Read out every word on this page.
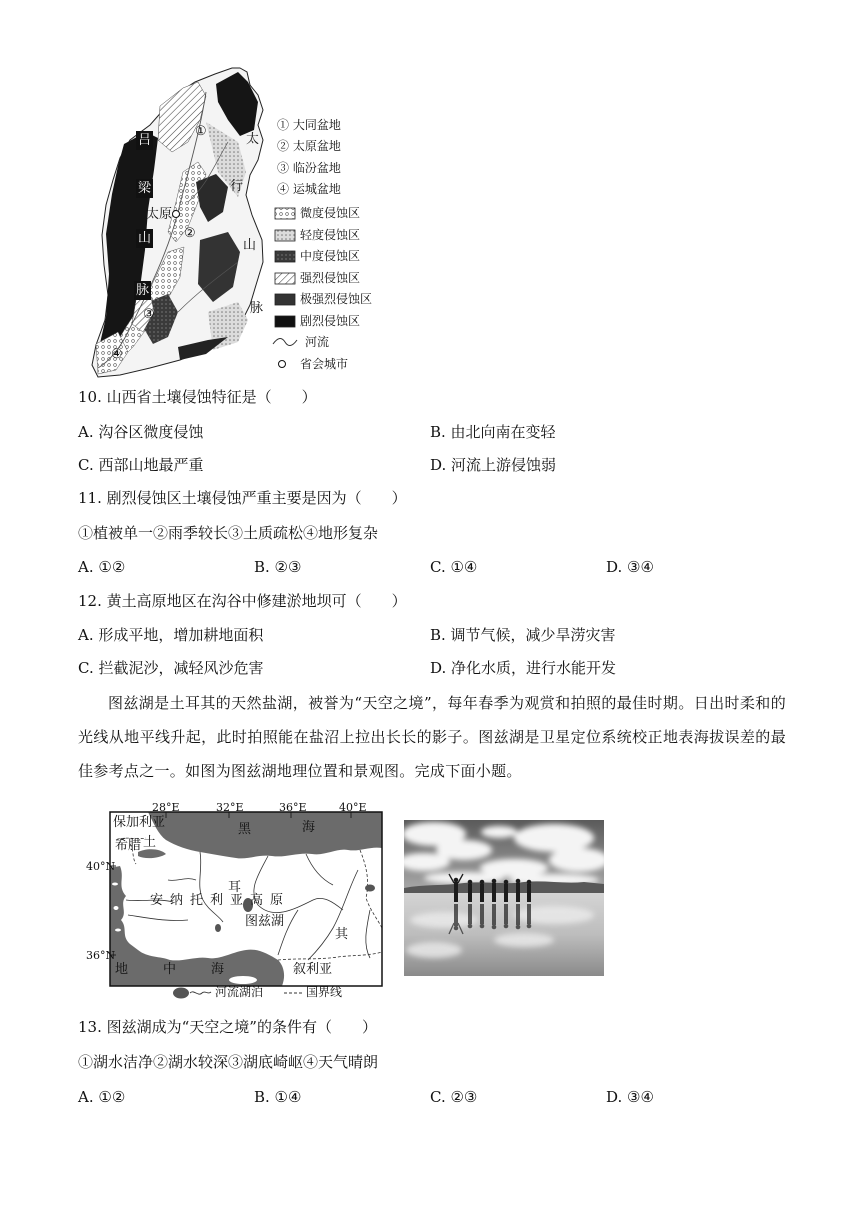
吕
梁
山
脉
太
行
山
脉
太原
①
②
③
④
① 大同盆地
② 太原盆地
③ 临汾盆地
④ 运城盆地
微度侵蚀区
轻度侵蚀区
中度侵蚀区
强烈侵蚀区
极强烈侵蚀区
剧烈侵蚀区
河流
省会城市
10. 山西省土壤侵蚀特征是（　　）
A. 沟谷区微度侵蚀	B. 由北向南在变轻
C. 西部山地最严重	D. 河流上游侵蚀弱
11. 剧烈侵蚀区土壤侵蚀严重主要是因为（　　）
①植被单一②雨季较长③土质疏松④地形复杂
A. ①②	B. ②③	C. ①④	D. ③④
12. 黄土高原地区在沟谷中修建淤地坝可（　　）
A. 形成平地，增加耕地面积	B. 调节气候，减少旱涝灾害
C. 拦截泥沙，减轻风沙危害	D. 净化水质，进行水能开发
图兹湖是土耳其的天然盐湖，被誉为“天空之境”，每年春季为观赏和拍照的最佳时期。日出时柔和的光线从地平线升起，此时拍照能在盐沼上拉出长长的影子。图兹湖是卫星定位系统校正地表海拔误差的最佳参考点之一。如图为图兹湖地理位置和景观图。完成下面小题。
28°E	32°E	36°E	40°E
40°N
36°N
保加利亚
希腊 土
黑	海
耳
安纳托利亚高原
图兹湖
其
地中海	叙利亚
河流湖泊	国界线
13. 图兹湖成为“天空之境”的条件有（　　）
①湖水洁净②湖水较深③湖底崎岖④天气晴朗
A. ①②	B. ①④	C. ②③	D. ③④
